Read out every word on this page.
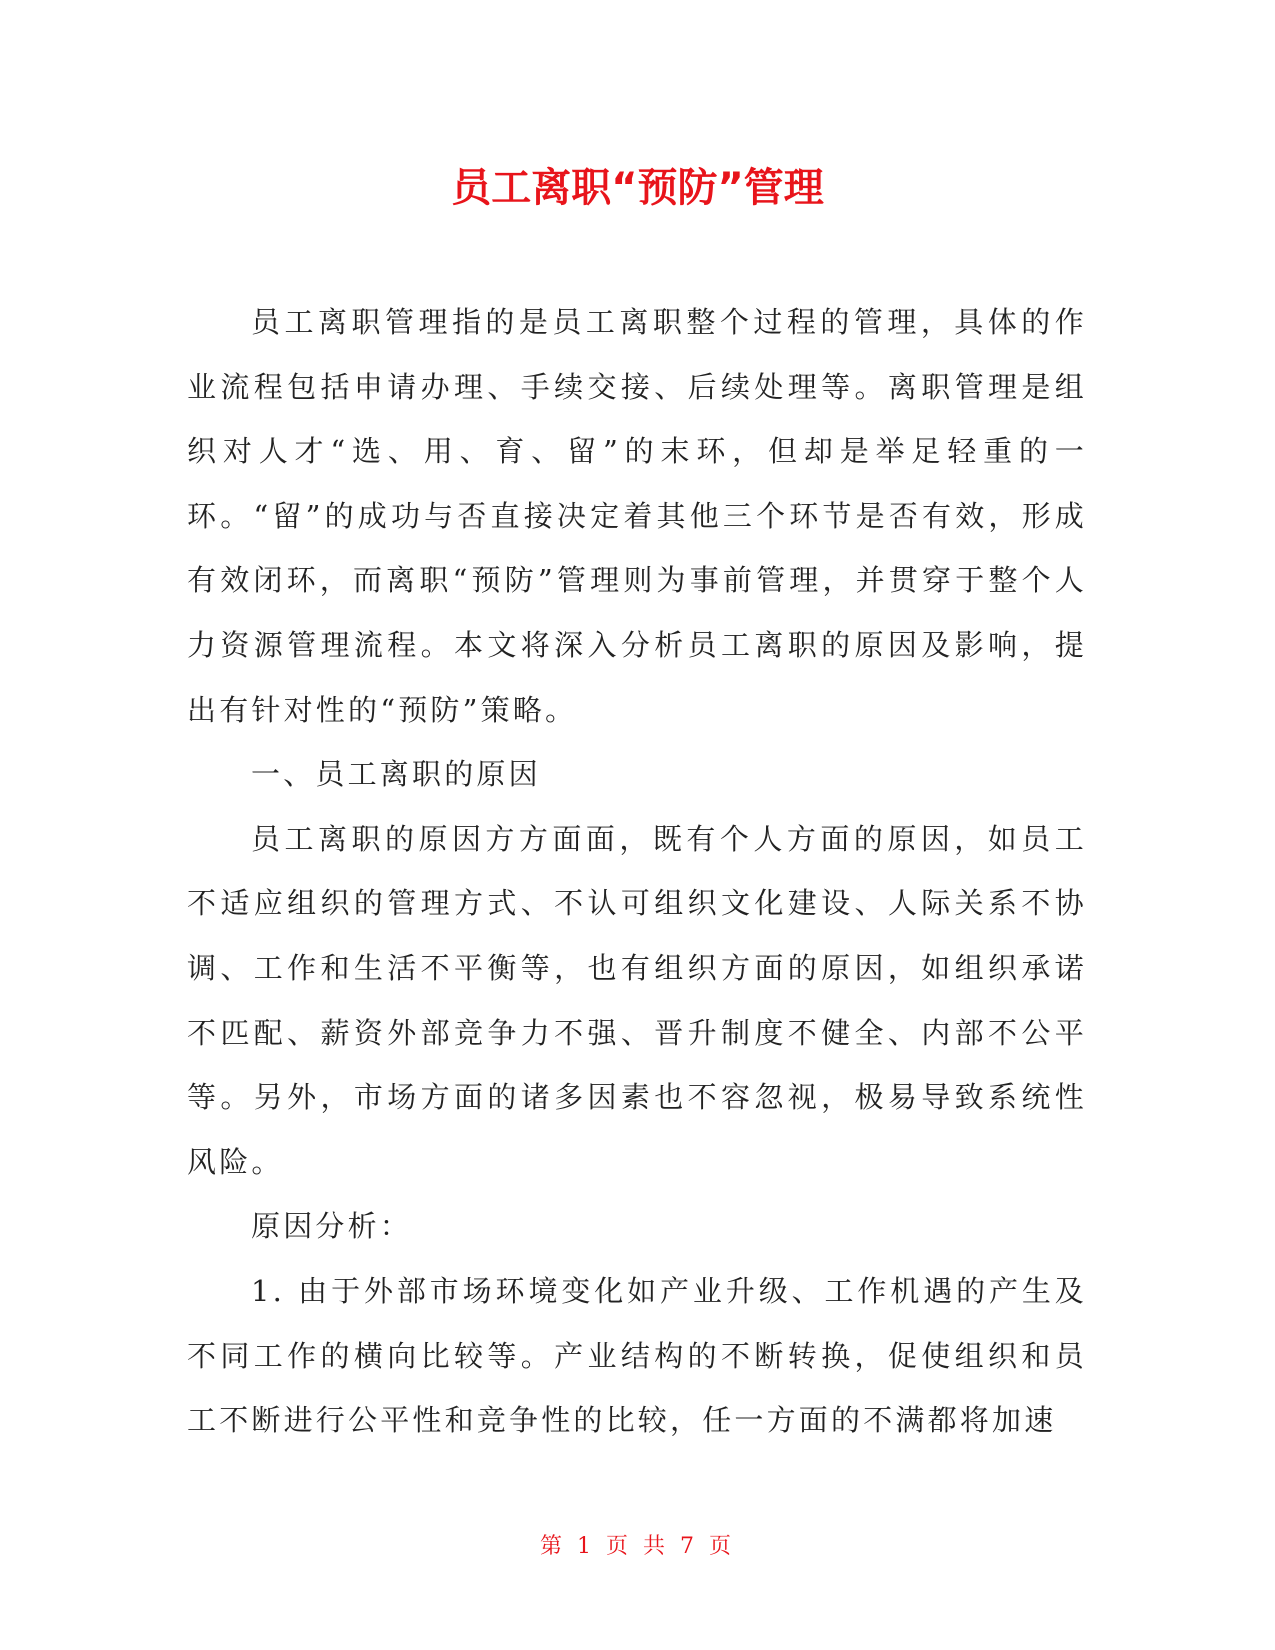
员工离职“预防”管理

员工离职管理指的是员工离职整个过程的管理，具体的作业流程包括申请办理、手续交接、后续处理等。离职管理是组织对人才“选、用、育、留”的末环，但却是举足轻重的一环。“留”的成功与否直接决定着其他三个环节是否有效，形成有效闭环，而离职“预防”管理则为事前管理，并贯穿于整个人力资源管理流程。本文将深入分析员工离职的原因及影响，提出有针对性的“预防”策略。

一、员工离职的原因

员工离职的原因方方面面，既有个人方面的原因，如员工不适应组织的管理方式、不认可组织文化建设、人际关系不协调、工作和生活不平衡等，也有组织方面的原因，如组织承诺不匹配、薪资外部竞争力不强、晋升制度不健全、内部不公平等。另外，市场方面的诸多因素也不容忽视，极易导致系统性风险。

原因分析：

1. 由于外部市场环境变化如产业升级、工作机遇的产生及不同工作的横向比较等。产业结构的不断转换，促使组织和员工不断进行公平性和竞争性的比较，任一方面的不满都将加速

第 1 页 共 7 页
